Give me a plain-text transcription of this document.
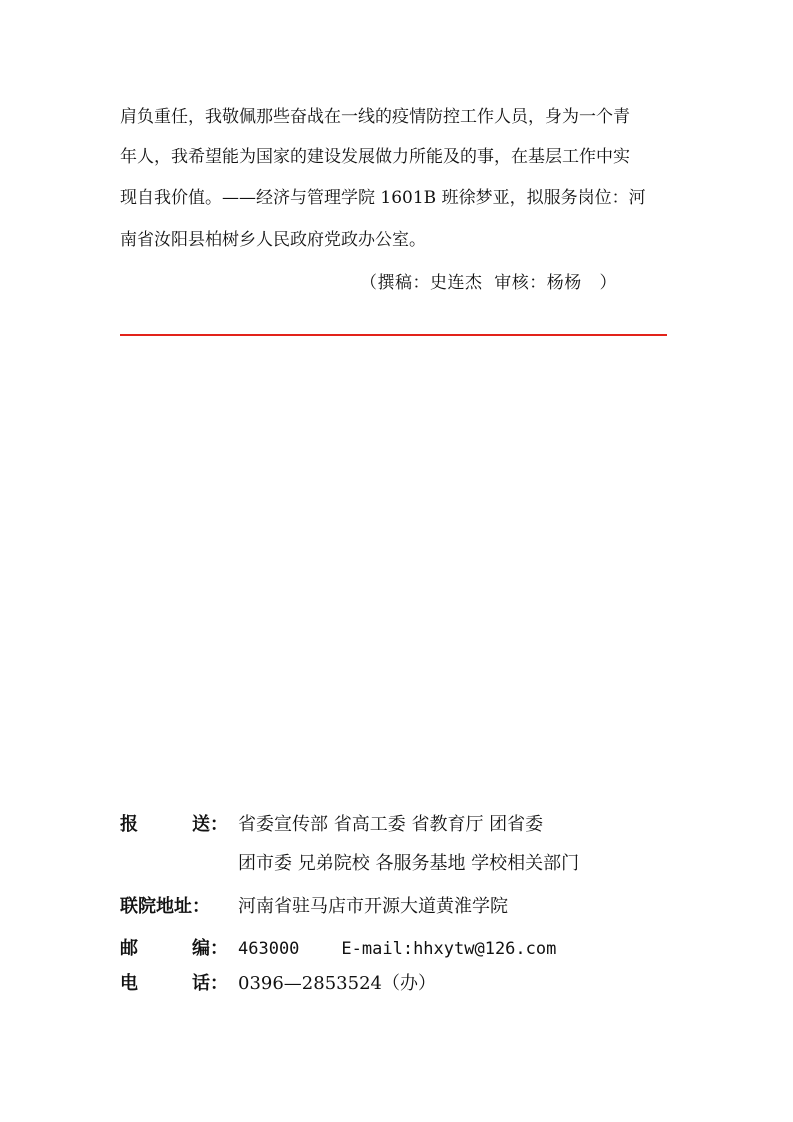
肩负重任，我敬佩那些奋战在一线的疫情防控工作人员，身为一个青
年人，我希望能为国家的建设发展做力所能及的事，在基层工作中实
现自我价值。——经济与管理学院 1601B 班徐梦亚，拟服务岗位：河
南省汝阳县柏树乡人民政府党政办公室。
（撰稿：史连杰  审核：杨杨   ）
报	送： 省委宣传部 省高工委 省教育厅 团省委
团市委 兄弟院校 各服务基地 学校相关部门
联院地址： 河南省驻马店市开源大道黄淮学院
邮	编： 463000 E-mail:hhxytw@126.com
电	话： 0396—2853524（办）
